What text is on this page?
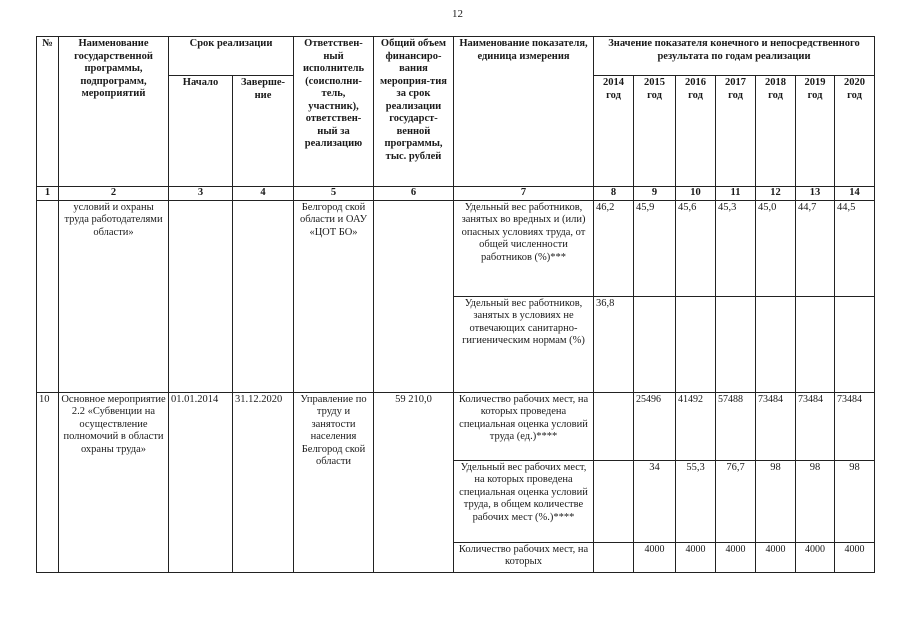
12
№	Наименование государственной программы, подпрограмм, мероприятий	Срок реализации		Ответствен-ный исполнитель (соисполни-тель, участник), ответствен-ный за реализацию	Общий объем финансиро-вания мероприя-тия за срок реализации государст-венной программы, тыс. рублей	Наименование показателя, единица измерения	Значение показателя конечного и непосредственного результата по годам реализации						
		Начало	Заверше-ние				2014 год	2015 год	2016 год	2017 год	2018 год	2019 год	2020 год
1	2	3	4	5	6	7	8	9	10	11	12	13	14
	условий и охраны труда работодателями области»			Белгород ской области и ОАУ «ЦОТ БО»		Удельный вес работников, занятых во вредных и (или) опасных условиях труда, от общей численности работников (%)***	46,2	45,9	45,6	45,3	45,0	44,7	44,5
						Удельный вес работников, занятых в условиях не отвечающих санитарно-гигиеническим нормам (%)	36,8						
10	Основное мероприятие 2.2 «Субвенции на осуществление полномочий в области охраны труда»	01.01.2014	31.12.2020	Управление по труду и занятости населения Белгород ской области	59 210,0	Количество рабочих мест, на которых проведена специальная оценка условий труда (ед.)****		25496	41492	57488	73484	73484	73484
						Удельный вес рабочих мест, на которых проведена специальная оценка условий труда, в общем количестве рабочих мест (%.)****		34	55,3	76,7	98	98	98
						Количество рабочих мест, на которых		4000	4000	4000	4000	4000	4000
